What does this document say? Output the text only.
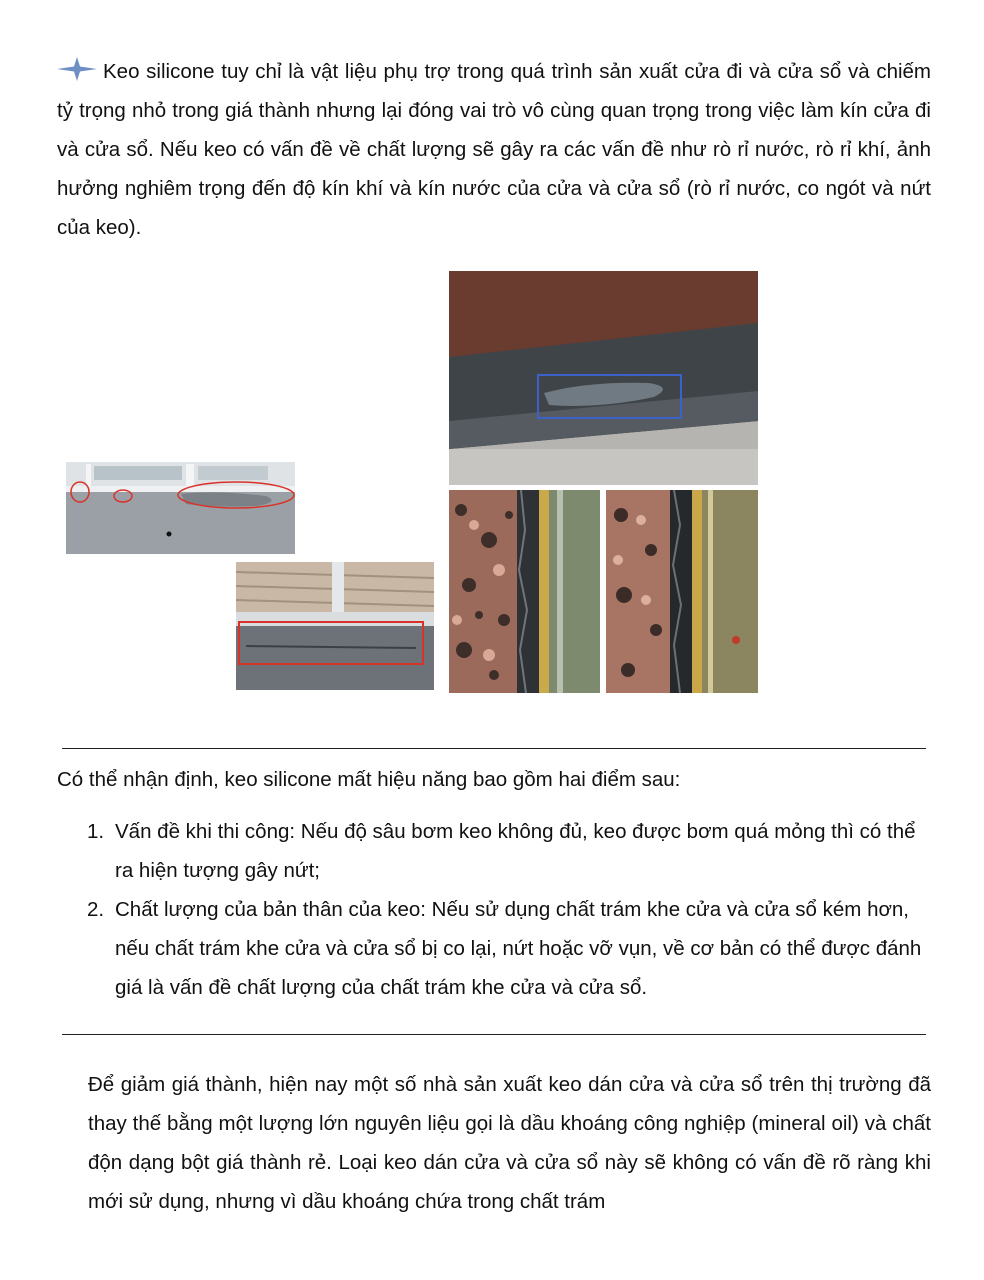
Keo silicone tuy chỉ là vật liệu phụ trợ trong quá trình sản xuất cửa đi và cửa sổ và chiếm tỷ trọng nhỏ trong giá thành nhưng lại đóng vai trò vô cùng quan trọng trong việc làm kín cửa đi và cửa sổ. Nếu keo có vấn đề về chất lượng sẽ gây ra các vấn đề như rò rỉ nước, rò rỉ khí, ảnh hưởng nghiêm trọng đến độ kín khí và kín nước của cửa và cửa sổ (rò rỉ nước, co ngót và nứt của keo).

Có thể nhận định, keo silicone mất hiệu năng bao gồm hai điểm sau:

1. Vấn đề khi thi công: Nếu độ sâu bơm keo không đủ, keo được bơm quá mỏng thì có thể ra hiện tượng gây nứt;
2. Chất lượng của bản thân của keo: Nếu sử dụng chất trám khe cửa và cửa sổ kém hơn, nếu chất trám khe cửa và cửa sổ bị co lại, nứt hoặc vỡ vụn, về cơ bản có thể được đánh giá là vấn đề chất lượng của chất trám khe cửa và cửa sổ.

Để giảm giá thành, hiện nay một số nhà sản xuất keo dán cửa và cửa sổ trên thị trường đã thay thế bằng một lượng lớn nguyên liệu gọi là dầu khoáng công nghiệp (mineral oil) và chất độn dạng bột giá thành rẻ. Loại keo dán cửa và cửa sổ này sẽ không có vấn đề rõ ràng khi mới sử dụng, nhưng vì dầu khoáng chứa trong chất trám
